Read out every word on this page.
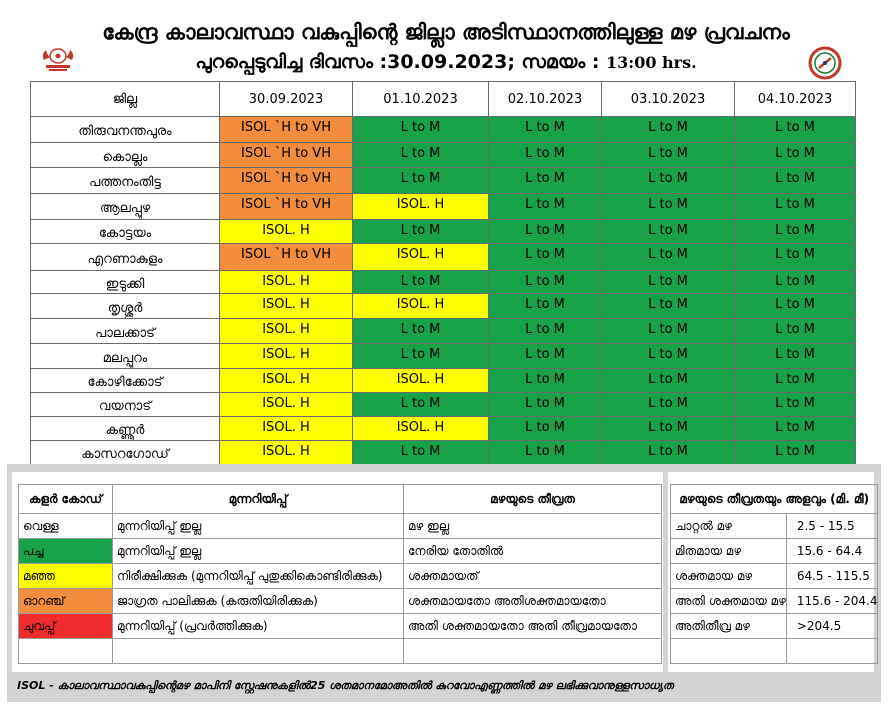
കേന്ദ്ര കാലാവസ്ഥാ വകുപ്പിന്റെ ജില്ലാ അടിസ്ഥാനത്തിലുള്ള മഴ പ്രവചനം
പുറപ്പെടുവിച്ച ദിവസം :30.09.2023; സമയം : 13:00 hrs.
ജില്ല	30.09.2023	01.10.2023	02.10.2023	03.10.2023	04.10.2023
തിരുവനന്തപുരം	ISOL `H to VH	L to M	L to M	L to M	L to M
കൊല്ലം	ISOL `H to VH	L to M	L to M	L to M	L to M
പത്തനംതിട്ട	ISOL `H to VH	L to M	L to M	L to M	L to M
ആലപ്പുഴ	ISOL `H to VH	ISOL. H	L to M	L to M	L to M
കോട്ടയം	ISOL. H	L to M	L to M	L to M	L to M
എറണാകുളം	ISOL `H to VH	ISOL. H	L to M	L to M	L to M
ഇടുക്കി	ISOL. H	L to M	L to M	L to M	L to M
തൃശ്ശൂർ	ISOL. H	ISOL. H	L to M	L to M	L to M
പാലക്കാട്	ISOL. H	L to M	L to M	L to M	L to M
മലപ്പുറം	ISOL. H	L to M	L to M	L to M	L to M
കോഴിക്കോട്	ISOL. H	ISOL. H	L to M	L to M	L to M
വയനാട്	ISOL. H	L to M	L to M	L to M	L to M
കണ്ണൂർ	ISOL. H	ISOL. H	L to M	L to M	L to M
കാസറഗോഡ്	ISOL. H	L to M	L to M	L to M	L to M
കളർ കോഡ്	മുന്നറിയിപ്പ്	മഴയുടെ തീവ്രത
വെള്ള	മുന്നറിയിപ്പ് ഇല്ല	മഴ ഇല്ല
പച്ച	മുന്നറിയിപ്പ് ഇല്ല	നേരിയ തോതിൽ
മഞ്ഞ	നിരീക്ഷിക്കുക (മുന്നറിയിപ്പ് പുതുക്കികൊണ്ടിരിക്കുക)	ശക്തമായത്
ഓറഞ്ച്	ജാഗ്രത പാലിക്കുക (കരുതിയിരിക്കുക)	ശക്തമായതോ അതിശക്തമായതോ
ചുവപ്പ്	മുന്നറിയിപ്പ് (പ്രവർത്തിക്കുക)	അതി ശക്തമായതോ അതി തീവ്രമായതോ

മഴയുടെ തീവ്രതയും അളവും (മി. മീ)	
ചാറ്റൽ മഴ	2.5 - 15.5
മിതമായ മഴ	15.6 - 64.4
ശക്തമായ മഴ	64.5 - 115.5
അതി ശക്തമായ മഴ	115.6 - 204.4
അതിതീവ്ര മഴ	>204.5

ISOL - കാലാവസ്ഥാവകുപ്പിന്റെമഴ മാപിനി സ്റ്റേഷനുകളിൽ25 ശതമാനമോഅതിൽ കുറവോഎണ്ണത്തിൽ മഴ ലഭിക്കുവാനുള്ളസാധ്യത
